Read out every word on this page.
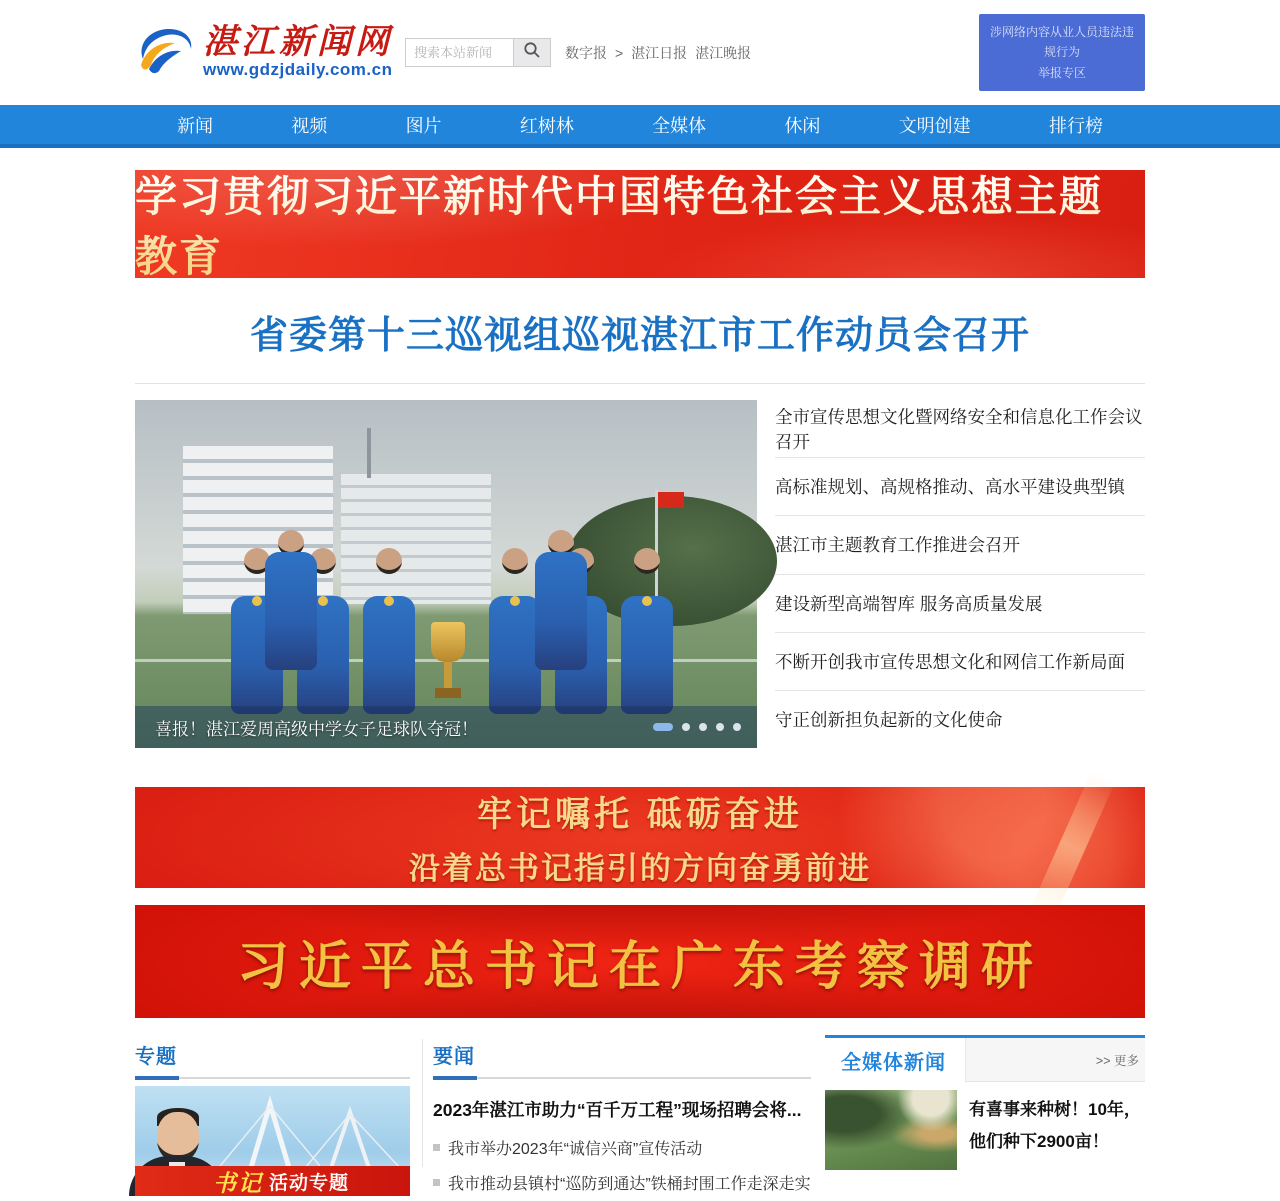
湛江新闻网
www.gdzjdaily.com.cn
搜索本站新闻
数字报 > 湛江日报 湛江晚报
涉网络内容从业人员违法违规行为
举报专区
新闻	视频	图片	红树林	全媒体	休闲	文明创建	排行榜
学习贯彻习近平新时代中国特色社会主义思想主题教育
省委第十三巡视组巡视湛江市工作动员会召开
喜报！湛江爱周高级中学女子足球队夺冠！
全市宣传思想文化暨网络安全和信息化工作会议召开
高标准规划、高规格推动、高水平建设典型镇
湛江市主题教育工作推进会召开
建设新型高端智库 服务高质量发展
不断开创我市宣传思想文化和网信工作新局面
守正创新担负起新的文化使命
牢记嘱托 砥砺奋进
沿着总书记指引的方向奋勇前进
习近平总书记在广东考察调研
专题
书记 活动专题
要闻
2023年湛江市助力“百千万工程”现场招聘会将...
我市举办2023年“诚信兴商”宣传活动
我市推动县镇村“巡防到通达”铁桶封围工作走深走实
全媒体新闻	>> 更多
有喜事来种树！10年，他们种下2900亩！
